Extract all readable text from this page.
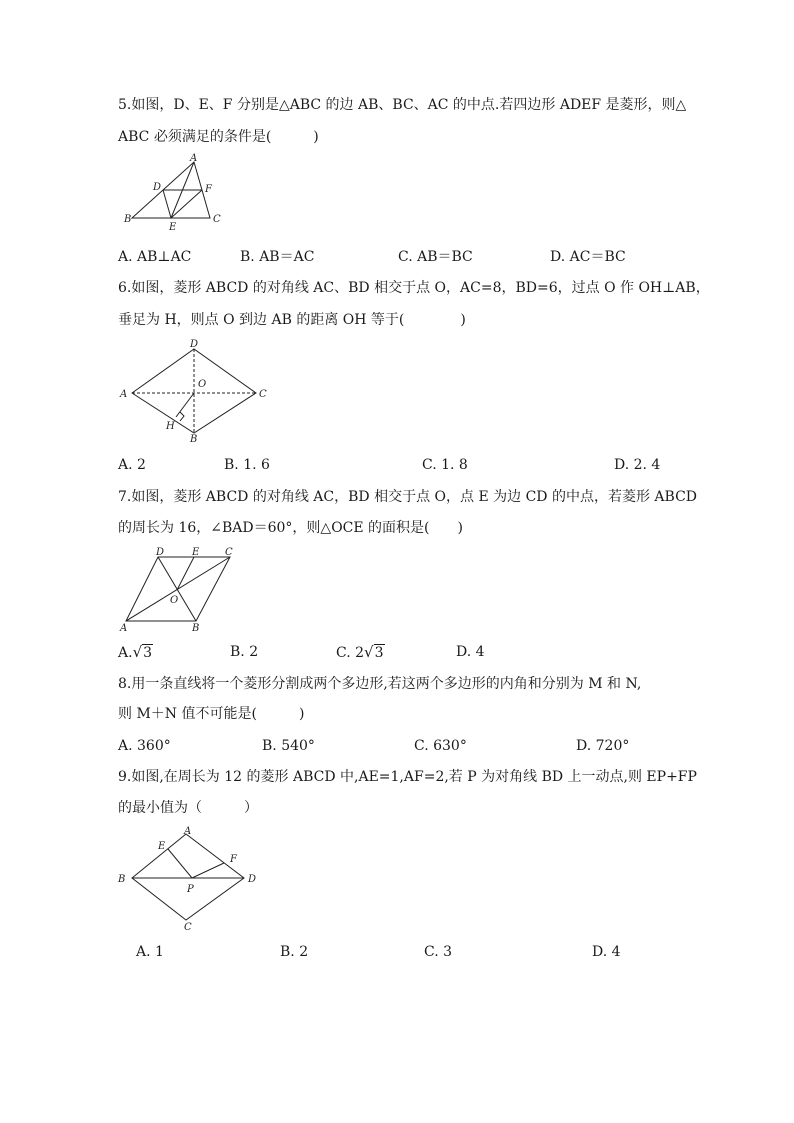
5.如图，D、E、F 分别是△ABC 的边 AB、BC、AC 的中点.若四边形 ADEF 是菱形，则△
ABC 必须满足的条件是(　　　)
A
B	C
D
E
F
A. AB⊥AC	B. AB＝AC	C. AB＝BC	D. AC＝BC
6.如图，菱形 ABCD 的对角线 AC、BD 相交于点 O，AC=8，BD=6，过点 O 作 OH⊥AB，
垂足为 H，则点 O 到边 AB 的距离 OH 等于(　　　　)
A
B
C
D
O
H
A. 2	B. 1. 6	C. 1. 8	D. 2. 4
7.如图，菱形 ABCD 的对角线 AC，BD 相交于点 O，点 E 为边 CD 的中点，若菱形 ABCD
的周长为 16，∠BAD＝60°，则△OCE 的面积是(　　)
A	B
C
D	E
O
A.√3	B. 2	C. 2√3	D. 4
8.用一条直线将一个菱形分割成两个多边形,若这两个多边形的内角和分别为 M 和 N,
则 M＋N 值不可能是(　　　)
A. 360°	B. 540°	C. 630°	D. 720°
9.如图,在周长为 12 的菱形 ABCD 中,AE=1,AF=2,若 P 为对角线 BD 上一动点,则 EP+FP
的最小值为（　　　）
A
B
C
D
E
F
P
A. 1	B. 2	C. 3	D. 4
